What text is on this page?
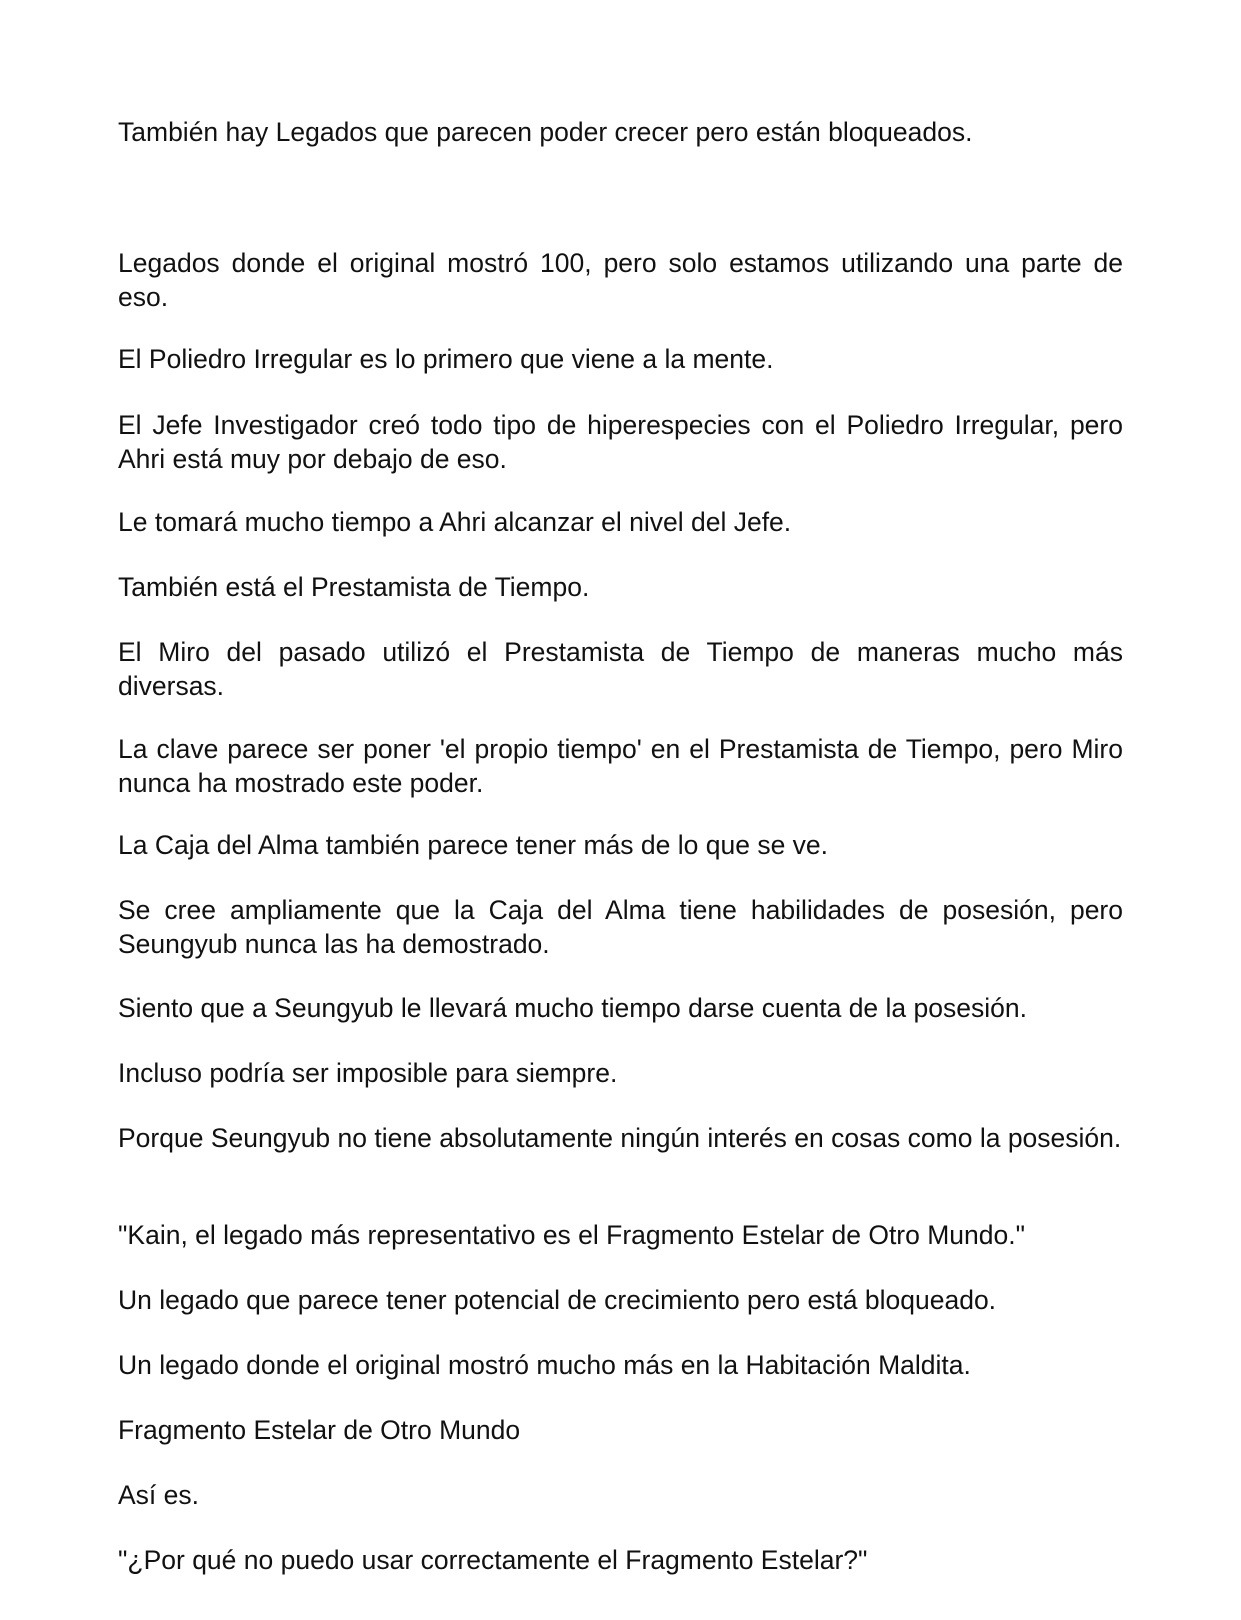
También hay Legados que parecen poder crecer pero están bloqueados.

Legados donde el original mostró 100, pero solo estamos utilizando una parte de eso.

El Poliedro Irregular es lo primero que viene a la mente.

El Jefe Investigador creó todo tipo de hiperespecies con el Poliedro Irregular, pero Ahri está muy por debajo de eso.

Le tomará mucho tiempo a Ahri alcanzar el nivel del Jefe.

También está el Prestamista de Tiempo.

El Miro del pasado utilizó el Prestamista de Tiempo de maneras mucho más diversas.

La clave parece ser poner 'el propio tiempo' en el Prestamista de Tiempo, pero Miro nunca ha mostrado este poder.

La Caja del Alma también parece tener más de lo que se ve.

Se cree ampliamente que la Caja del Alma tiene habilidades de posesión, pero Seungyub nunca las ha demostrado.

Siento que a Seungyub le llevará mucho tiempo darse cuenta de la posesión.

Incluso podría ser imposible para siempre.

Porque Seungyub no tiene absolutamente ningún interés en cosas como la posesión.

"Kain, el legado más representativo es el Fragmento Estelar de Otro Mundo."

Un legado que parece tener potencial de crecimiento pero está bloqueado.

Un legado donde el original mostró mucho más en la Habitación Maldita.

Fragmento Estelar de Otro Mundo

Así es.

"¿Por qué no puedo usar correctamente el Fragmento Estelar?"
